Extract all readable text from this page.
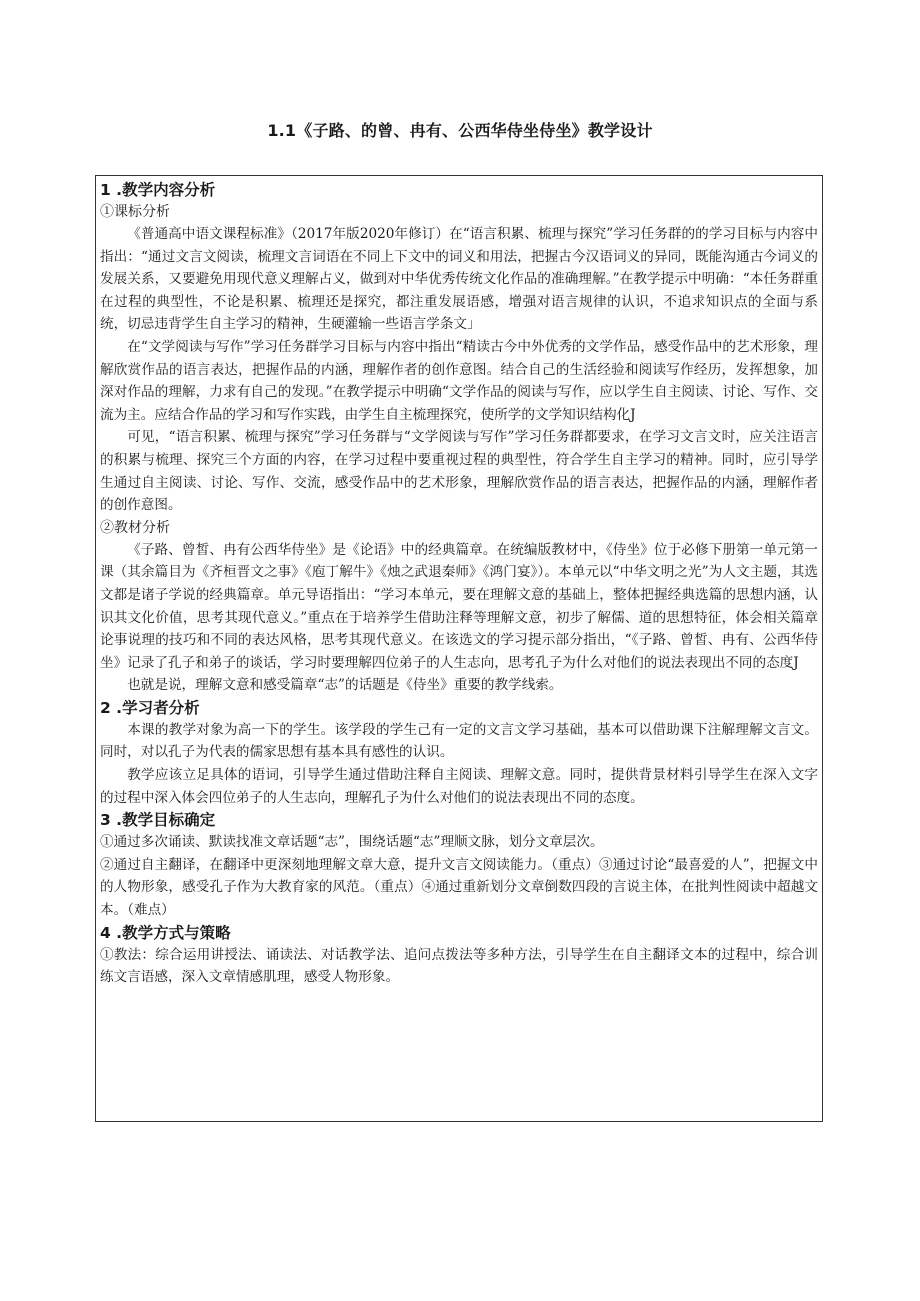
1.1《子路、的曾、冉有、公西华侍坐侍坐》教学设计
1 .教学内容分析
①课标分析

《普通高中语文课程标准》（2017年版2020年修订）在“语言积累、梳理与探究”学习任务群的的学习目标与内容中指出：“通过文言文阅读，梳理文言词语在不同上下文中的词义和用法，把握古今汉语词义的异同，既能沟通古今词义的发展关系，又要避免用现代意义理解占义，做到对中华优秀传统文化作品的准确理解。”在教学提示中明确：“本任务群重在过程的典型性，不论是积累、梳理还是探究，都注重发展语感，增强对语言规律的认识，不追求知识点的全面与系统，切忌违背学生自主学习的精神，生硬灌输一些语言学条文」

在“文学阅读与写作”学习任务群学习目标与内容中指出“精读古今中外优秀的文学作品，感受作品中的艺术形象，理解欣赏作品的语言表达，把握作品的内涵，理解作者的创作意图。结合自己的生活经验和阅读写作经历，发挥想象，加深对作品的理解，力求有自己的发现。”在教学提示中明确“文学作品的阅读与写作，应以学生自主阅读、讨论、写作、交流为主。应结合作品的学习和写作实践，由学生自主梳理探究，使所学的文学知识结构化J

可见，“语言积累、梳理与探究”学习任务群与“文学阅读与写作”学习任务群都要求，在学习文言文时，应关注语言的积累与梳理、探究三个方面的内容，在学习过程中要重视过程的典型性，符合学生自主学习的精神。同时，应引导学生通过自主阅读、讨论、写作、交流，感受作品中的艺术形象，理解欣赏作品的语言表达，把握作品的内涵，理解作者的创作意图。

②教材分析

《子路、曾皙、冉有公西华侍坐》是《论语》中的经典篇章。在统编版教材中，《侍坐》位于必修下册第一单元第一课（其余篇目为《齐桓晋文之事》《庖丁解牛》《烛之武退秦师》《鸿门宴》）。本单元以“中华文明之光”为人文主题，其选文都是诸子学说的经典篇章。单元导语指出：“学习本单元，要在理解文意的基础上，整体把握经典选篇的思想内涵，认识其文化价值，思考其现代意义。”重点在于培养学生借助注释等理解文意，初步了解儒、道的思想特征，体会相关篇章论事说理的技巧和不同的表达风格，思考其现代意义。在该选文的学习提示部分指出，“《子路、曾皙、冉有、公西华侍坐》记录了孔子和弟子的谈话，学习时要理解四位弟子的人生志向，思考孔子为什么对他们的说法表现出不同的态度J

也就是说，理解文意和感受篇章“志”的话题是《侍坐》重要的教学线索。

2 .学习者分析

本课的教学对象为高一下的学生。该学段的学生己有一定的文言文学习基础，基本可以借助课下注解理解文言文。同时，对以孔子为代表的儒家思想有基本具有感性的认识。

教学应该立足具体的语词，引导学生通过借助注释自主阅读、理解文意。同时，提供背景材料引导学生在深入文字的过程中深入体会四位弟子的人生志向，理解孔子为什么对他们的说法表现出不同的态度。

3 .教学目标确定

①通过多次诵读、默读找准文章话题“志”，围绕话题“志”理顺文脉，划分文章层次。

②通过自主翻译，在翻译中更深刻地理解文章大意，提升文言文阅读能力。（重点）③通过讨论“最喜爱的人”，把握文中的人物形象，感受孔子作为大教育家的风范。（重点）④通过重新划分文章倒数四段的言说主体，在批判性阅读中超越文本。（难点）

4 .教学方式与策略

①教法：综合运用讲授法、诵读法、对话教学法、追问点拨法等多种方法，引导学生在自主翻译文本的过程中，综合训练文言语感，深入文章情感肌理，感受人物形象。
